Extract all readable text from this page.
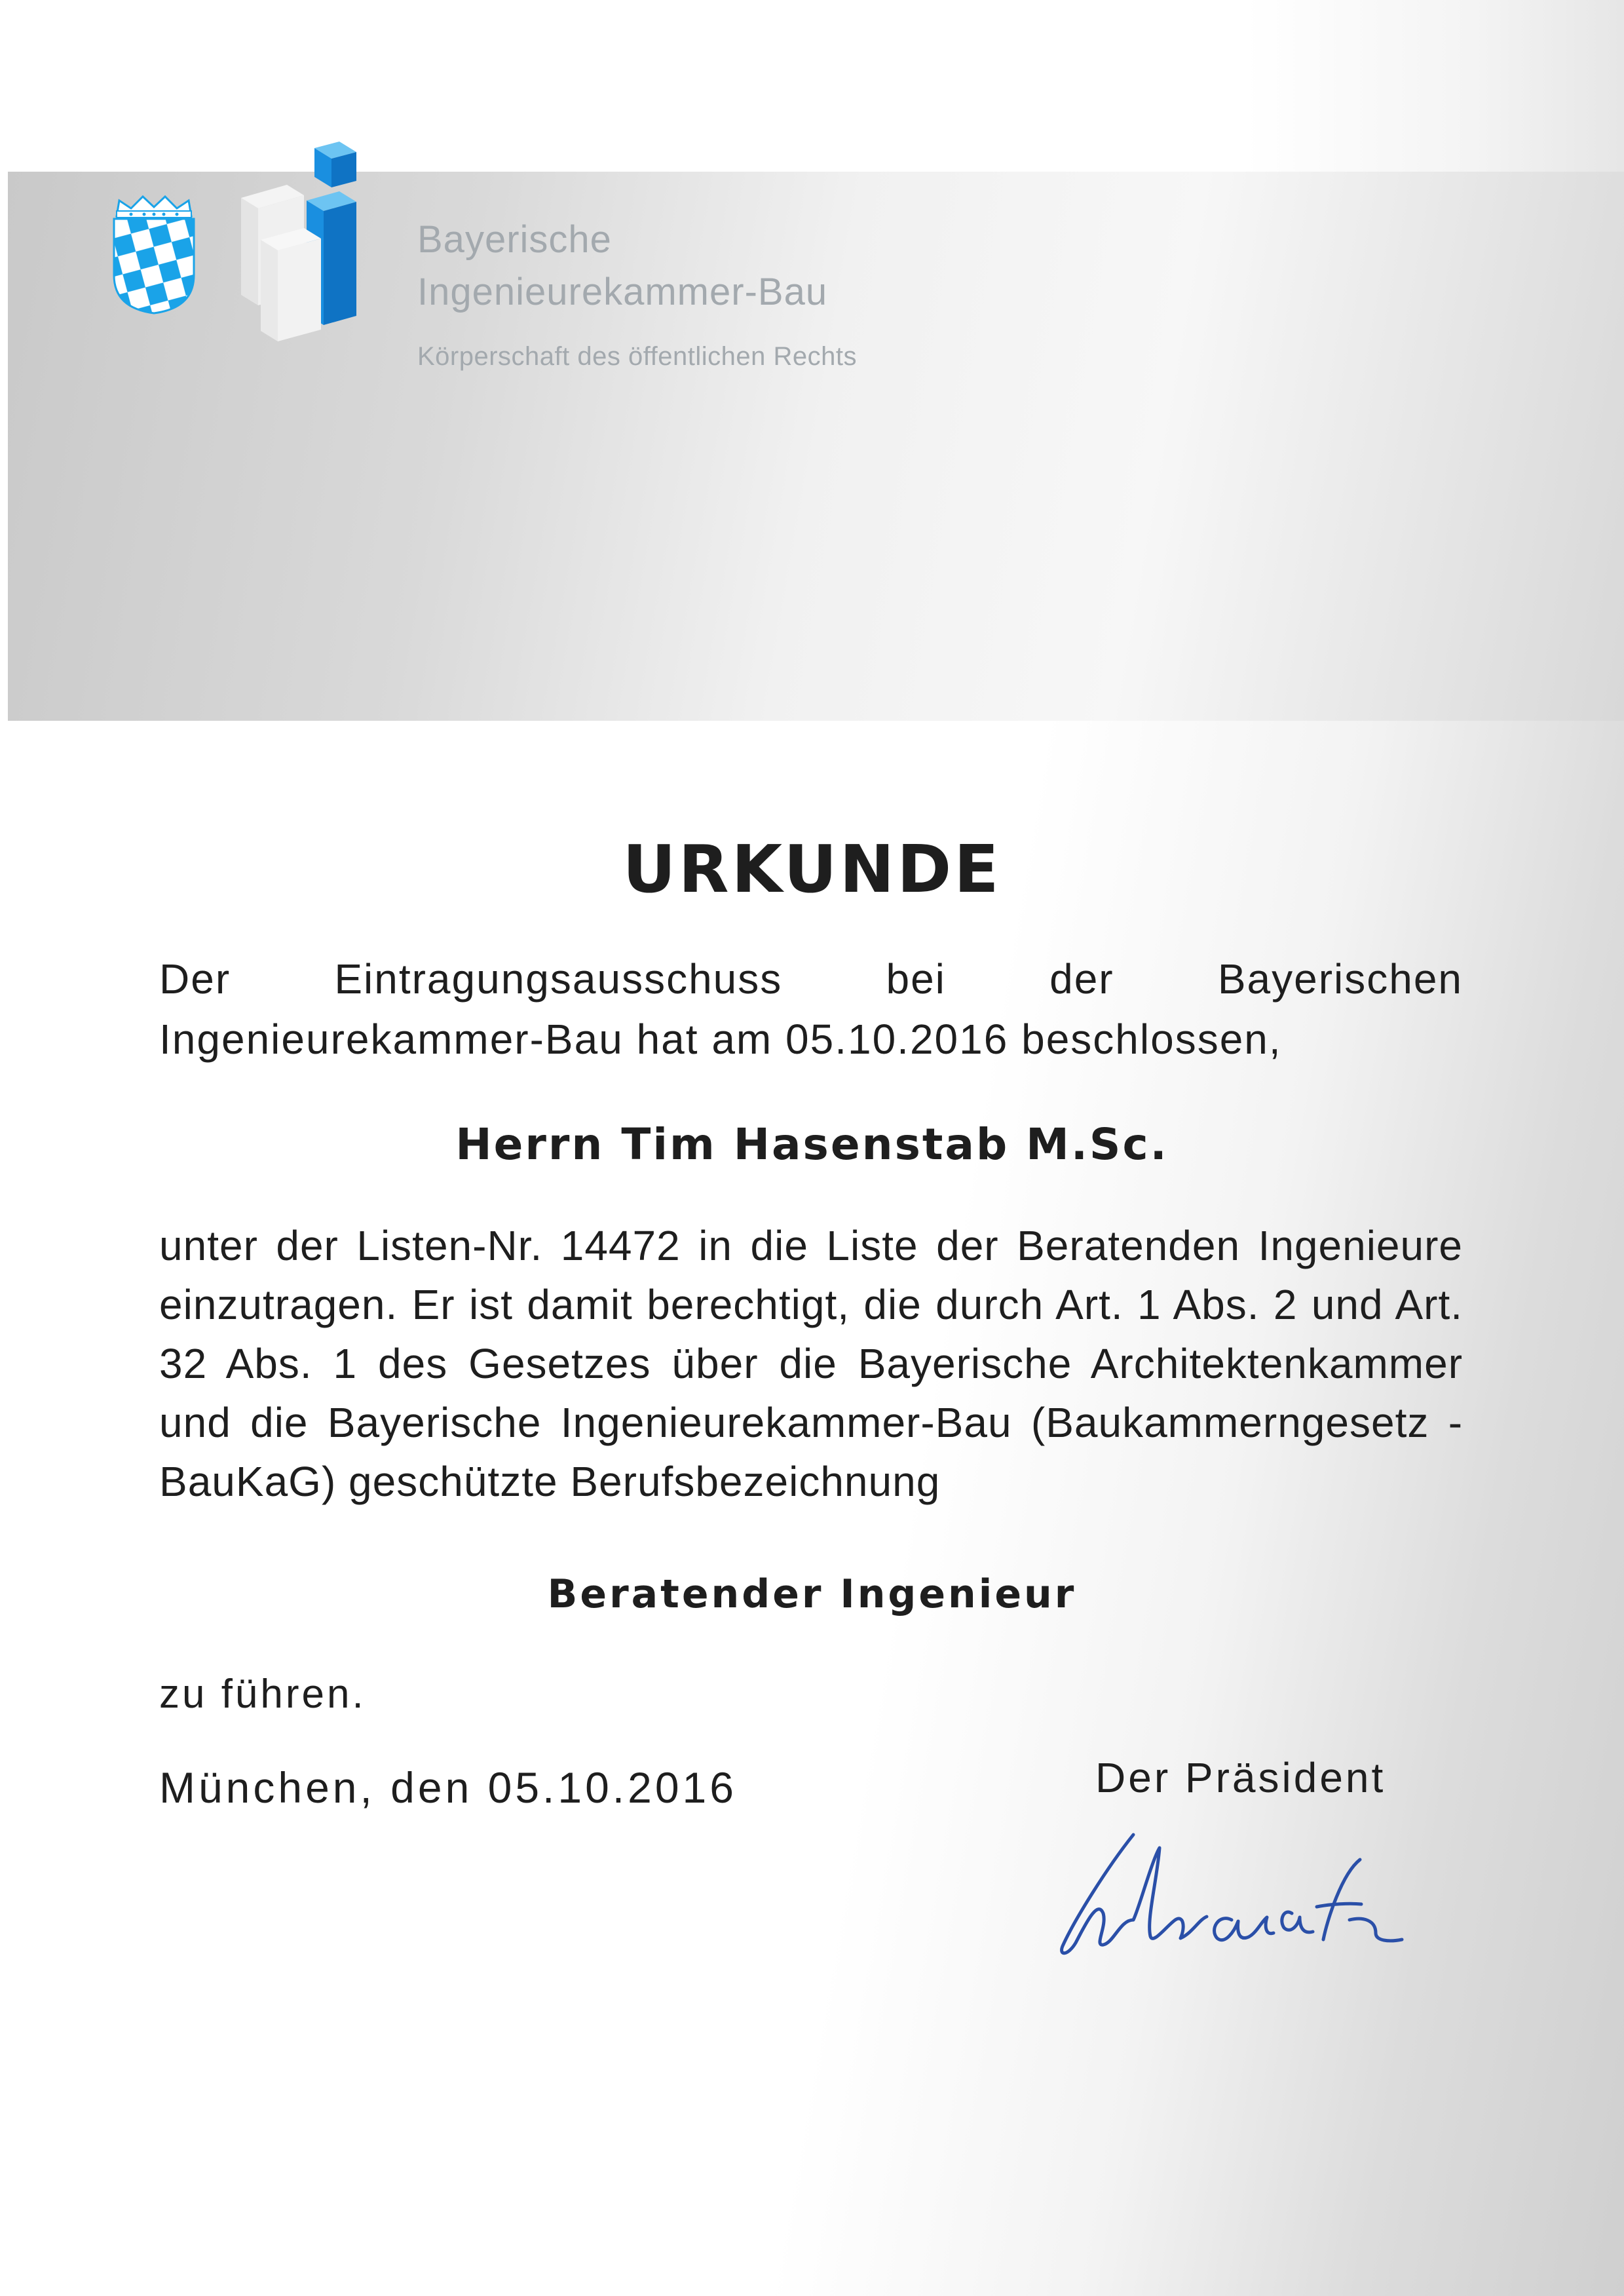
Bayerische
Ingenieurekammer-Bau
Körperschaft des öffentlichen Rechts
URKUNDE
Der Eintragungsausschuss bei der Bayerischen Ingenieurekammer-Bau hat am 05.10.2016 beschlossen,
Herrn Tim Hasenstab M.Sc.
unter der Listen-Nr. 14472 in die Liste der Beratenden Ingenieure einzutragen. Er ist damit berechtigt, die durch Art. 1 Abs. 2 und Art. 32 Abs. 1 des Gesetzes über die Bayerische Architektenkammer und die Bayerische Ingenieurekammer-Bau (Baukammerngesetz - BauKaG) geschützte Berufsbezeichnung
Beratender Ingenieur
zu führen.
München, den 05.10.2016	Der Präsident
